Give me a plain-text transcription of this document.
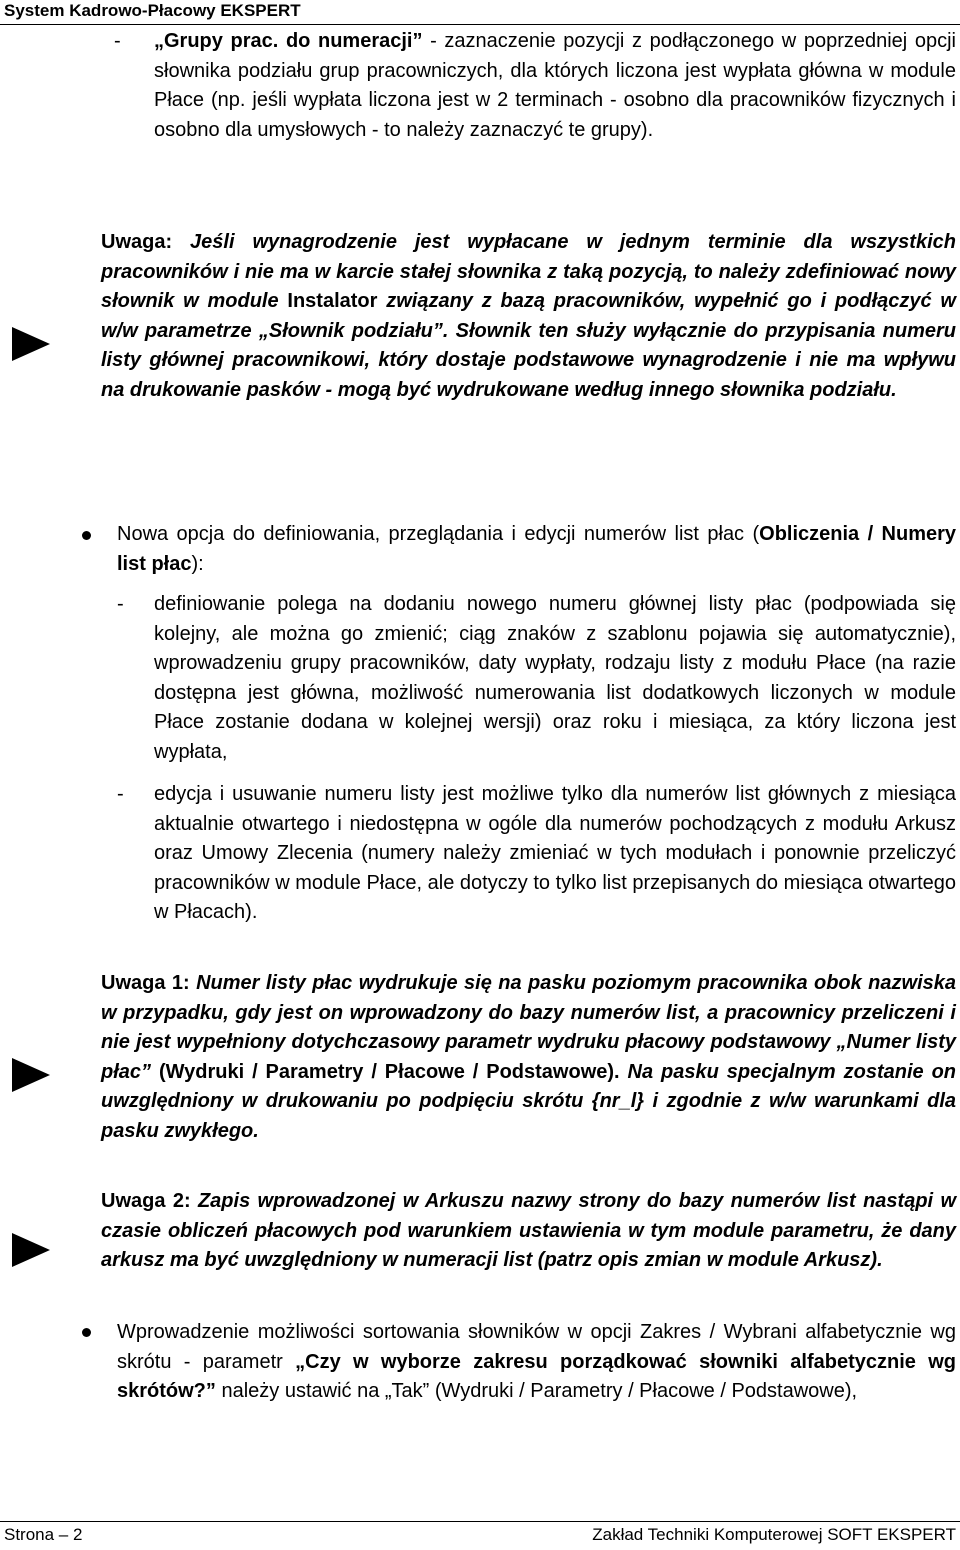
System Kadrowo-Płacowy EKSPERT
- „Grupy prac. do numeracji” - zaznaczenie pozycji z podłączonego w poprzedniej opcji słownika podziału grup pracowniczych, dla których liczona jest wypłata główna w module Płace (np. jeśli wypłata liczona jest w 2 terminach - osobno dla pracowników fizycznych i osobno dla umysłowych - to należy zaznaczyć te grupy).
Uwaga: Jeśli wynagrodzenie jest wypłacane w jednym terminie dla wszystkich pracowników i nie ma w karcie stałej słownika z taką pozycją, to należy zdefiniować nowy słownik w module Instalator związany z bazą pracowników, wypełnić go i podłączyć w w/w parametrze „Słownik podziału”. Słownik ten służy wyłącznie do przypisania numeru listy głównej pracownikowi, który dostaje podstawowe wynagrodzenie i nie ma wpływu na drukowanie pasków - mogą być wydrukowane według innego słownika podziału.
Nowa opcja do definiowania, przeglądania i edycji numerów list płac (Obliczenia / Numery list płac):
- definiowanie polega na dodaniu nowego numeru głównej listy płac (podpowiada się kolejny, ale można go zmienić; ciąg znaków z szablonu pojawia się automatycznie), wprowadzeniu grupy pracowników, daty wypłaty, rodzaju listy z modułu Płace (na razie dostępna jest główna, możliwość numerowania list dodatkowych liczonych w module Płace zostanie dodana w kolejnej wersji) oraz roku i miesiąca, za który liczona jest wypłata,
- edycja i usuwanie numeru listy jest możliwe tylko dla numerów list głównych z miesiąca aktualnie otwartego i niedostępna w ogóle dla numerów pochodzących z modułu Arkusz oraz Umowy Zlecenia (numery należy zmieniać w tych modułach i ponownie przeliczyć pracowników w module Płace, ale dotyczy to tylko list przepisanych do miesiąca otwartego w Płacach).
Uwaga 1: Numer listy płac wydrukuje się na pasku poziomym pracownika obok nazwiska w przypadku, gdy jest on wprowadzony do bazy numerów list, a pracownicy przeliczeni i nie jest wypełniony dotychczasowy parametr wydruku płacowy podstawowy „Numer listy płac” (Wydruki / Parametry / Płacowe / Podstawowe). Na pasku specjalnym zostanie on uwzględniony w drukowaniu po podpięciu skrótu {nr_l} i zgodnie z w/w warunkami dla pasku zwykłego.
Uwaga 2: Zapis wprowadzonej w Arkuszu nazwy strony do bazy numerów list nastąpi w czasie obliczeń płacowych pod warunkiem ustawienia w tym module parametru, że dany arkusz ma być uwzględniony w numeracji list (patrz opis zmian w module Arkusz).
Wprowadzenie możliwości sortowania słowników w opcji Zakres / Wybrani alfabetycznie wg skrótu - parametr „Czy w wyborze zakresu porządkować słowniki alfabetycznie wg skrótów?” należy ustawić na „Tak” (Wydruki / Parametry / Płacowe / Podstawowe),
Strona – 2	Zakład Techniki Komputerowej SOFT EKSPERT
